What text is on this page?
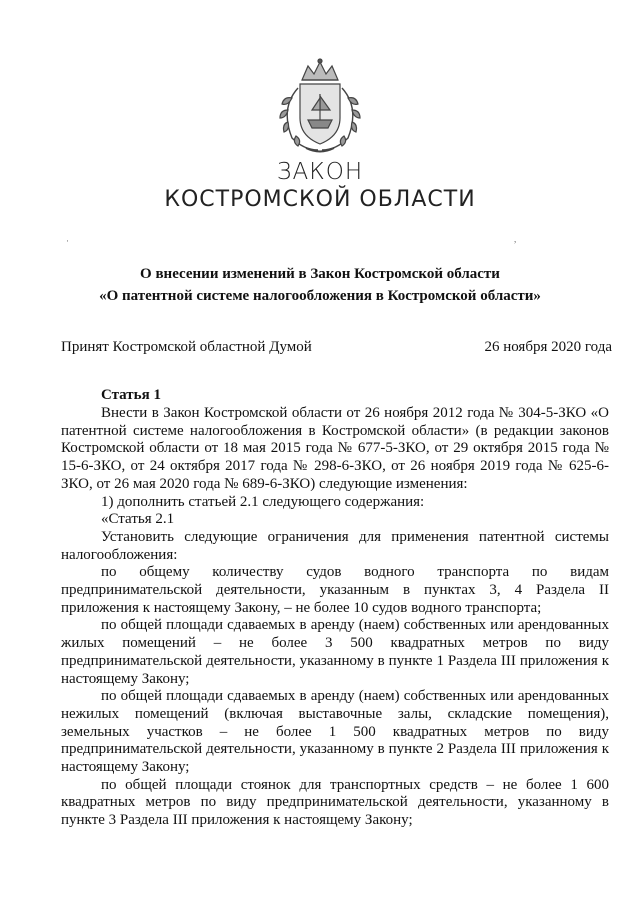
ЗАКОН
КОСТРОМСКОЙ ОБЛАСТИ
·	,
О внесении изменений в Закон Костромской области
«О патентной системе налогообложения в Костромской области»
Принят Костромской областной Думой	26 ноября 2020 года
Статья 1

Внести в Закон Костромской области от 26 ноября 2012 года № 304-5-ЗКО «О патентной системе налогообложения в Костромской области» (в редакции законов Костромской области от 18 мая 2015 года № 677-5-ЗКО, от 29 октября 2015 года № 15-6-ЗКО, от 24 октября 2017 года № 298-6-ЗКО, от 26 ноября 2019 года № 625-6-ЗКО, от 26 мая 2020 года № 689-6-ЗКО) следующие изменения:

1) дополнить статьей 2.1 следующего содержания:

«Статья 2.1

Установить следующие ограничения для применения патентной системы налогообложения:

по общему количеству судов водного транспорта по видам предпринимательской деятельности, указанным в пунктах 3, 4 Раздела II приложения к настоящему Закону, – не более 10 судов водного транспорта;

по общей площади сдаваемых в аренду (наем) собственных или арендованных жилых помещений – не более 3 500 квадратных метров по виду предпринимательской деятельности, указанному в пункте 1 Раздела III приложения к настоящему Закону;

по общей площади сдаваемых в аренду (наем) собственных или арендованных нежилых помещений (включая выставочные залы, складские помещения), земельных участков – не более 1 500 квадратных метров по виду предпринимательской деятельности, указанному в пункте 2 Раздела III приложения к настоящему Закону;

по общей площади стоянок для транспортных средств – не более 1 600 квадратных метров по виду предпринимательской деятельности, указанному в пункте 3 Раздела III приложения к настоящему Закону;
